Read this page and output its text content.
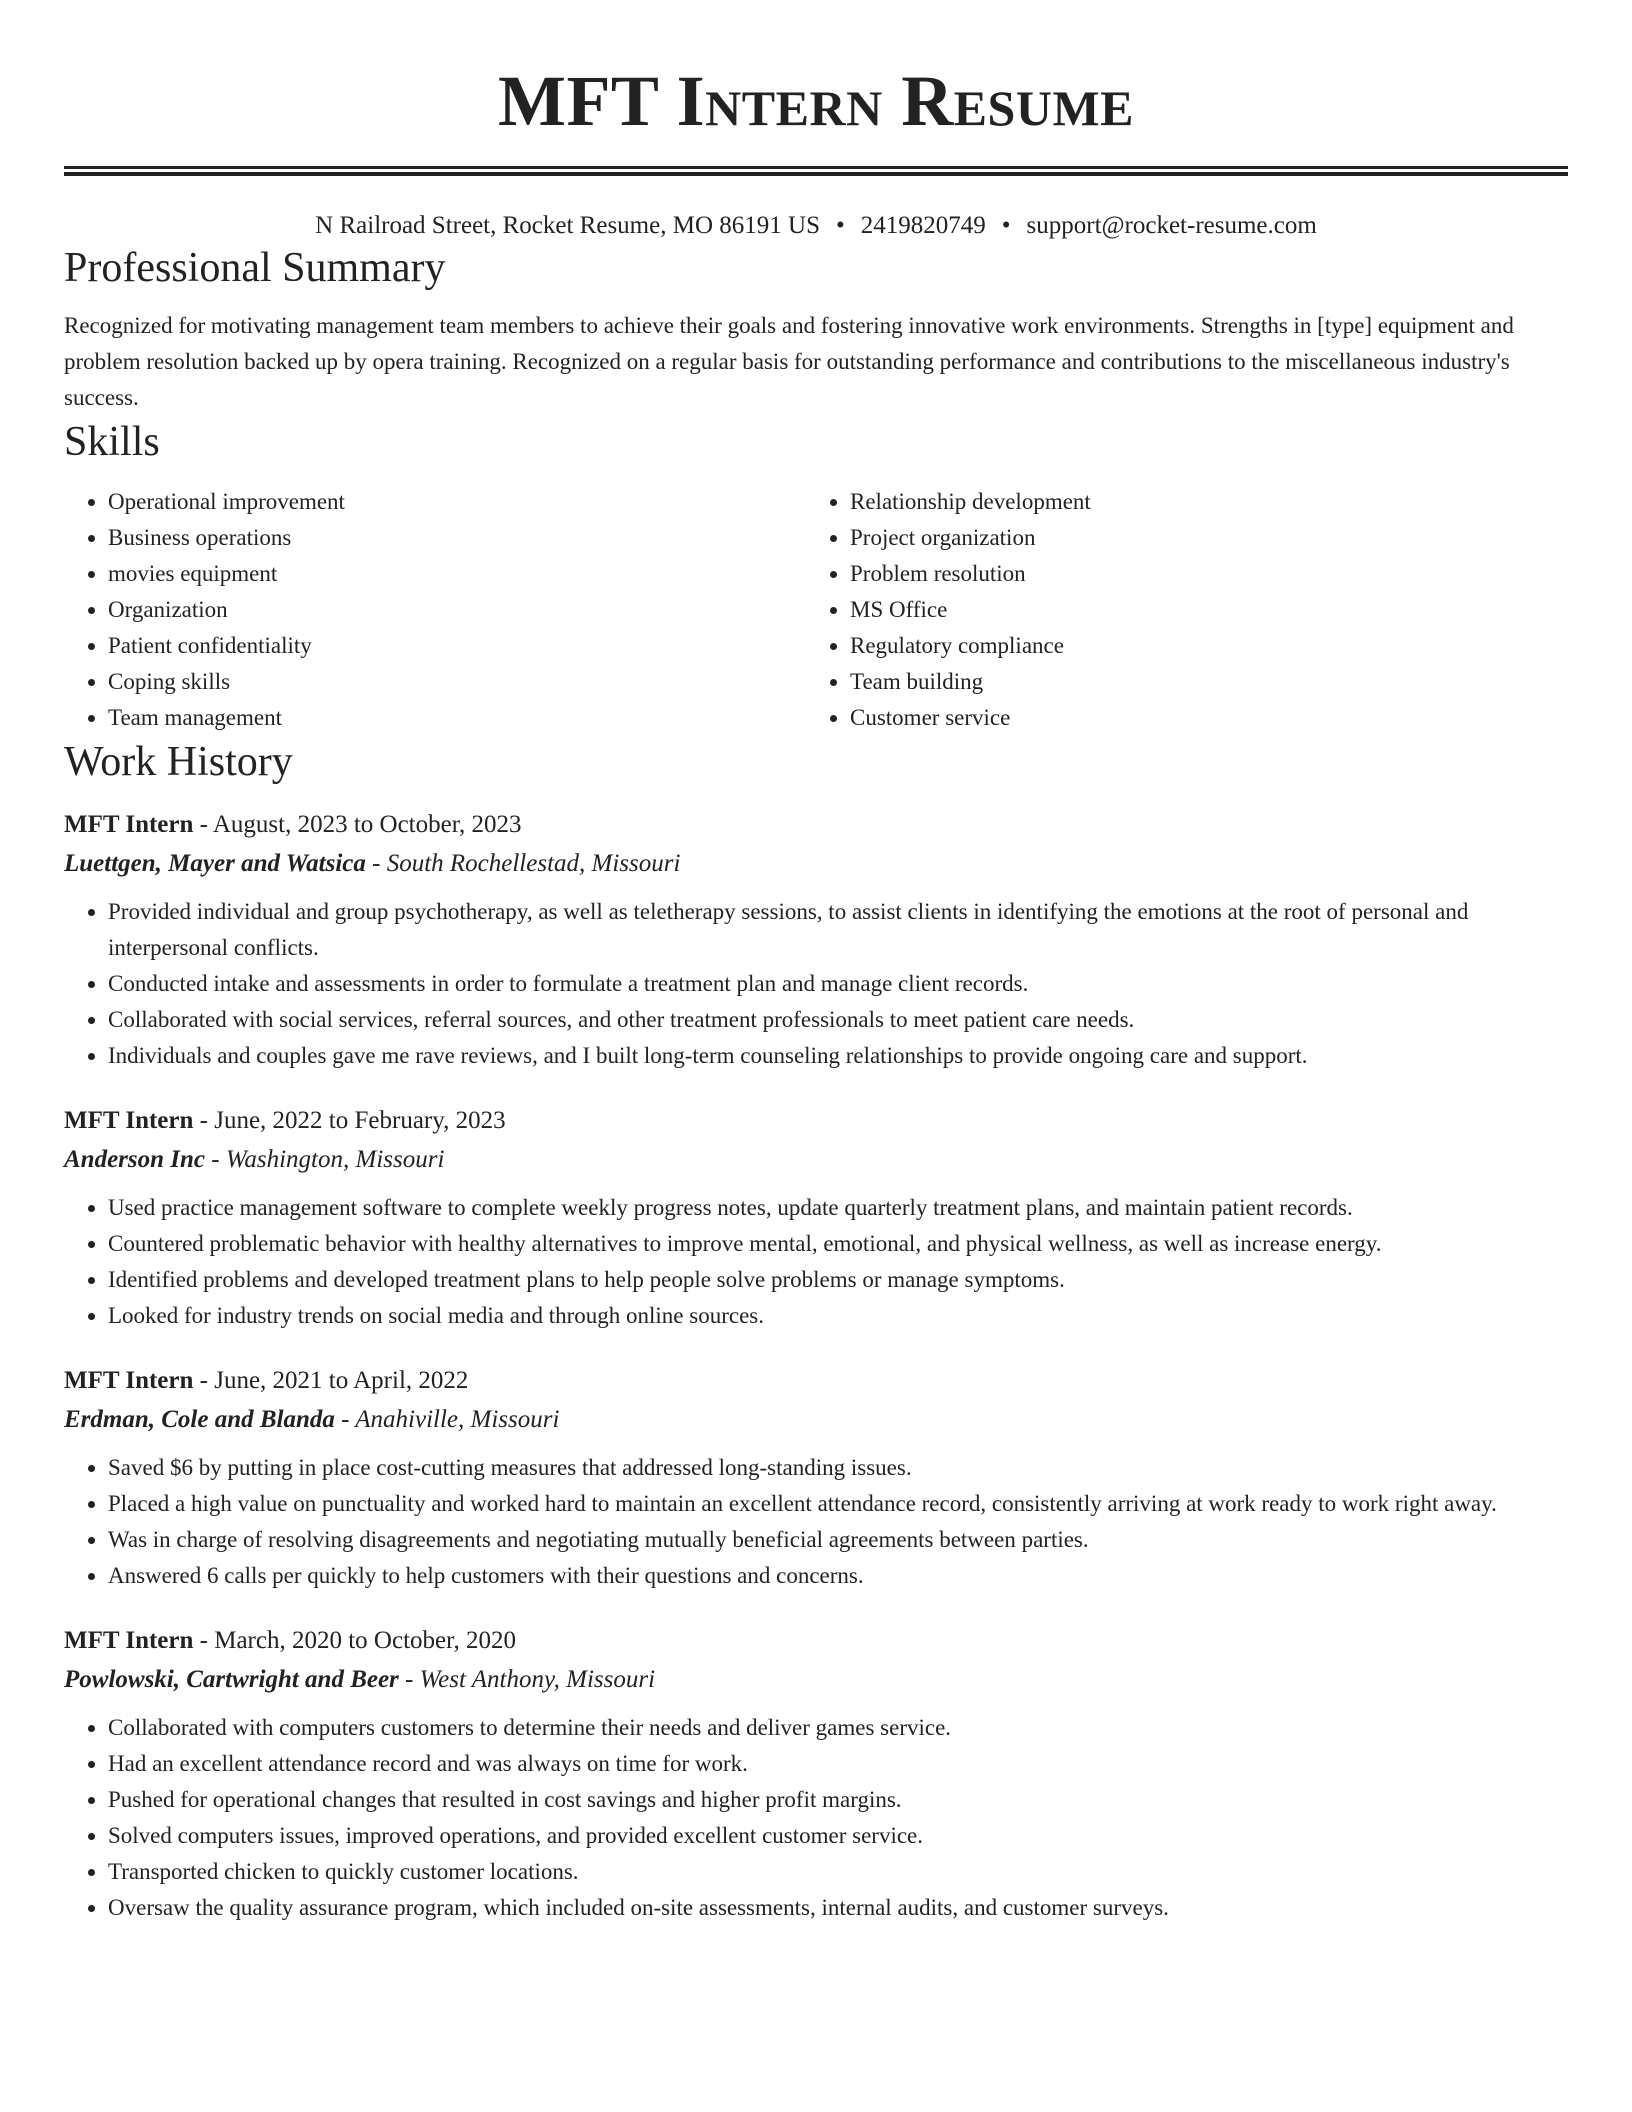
MFT Intern Resume
N Railroad Street, Rocket Resume, MO 86191 US • 2419820749 • support@rocket-resume.com
Professional Summary

Recognized for motivating management team members to achieve their goals and fostering innovative work environments. Strengths in [type] equipment and problem resolution backed up by opera training. Recognized on a regular basis for outstanding performance and contributions to the miscellaneous industry's success.

Skills
• Operational improvement
• Business operations
• movies equipment
• Organization
• Patient confidentiality
• Coping skills
• Team management
• Relationship development
• Project organization
• Problem resolution
• MS Office
• Regulatory compliance
• Team building
• Customer service
Work History
MFT Intern - August, 2023 to October, 2023
Luettgen, Mayer and Watsica - South Rochellestad, Missouri
• Provided individual and group psychotherapy, as well as teletherapy sessions, to assist clients in identifying the emotions at the root of personal and interpersonal conflicts.
• Conducted intake and assessments in order to formulate a treatment plan and manage client records.
• Collaborated with social services, referral sources, and other treatment professionals to meet patient care needs.
• Individuals and couples gave me rave reviews, and I built long-term counseling relationships to provide ongoing care and support.
MFT Intern - June, 2022 to February, 2023
Anderson Inc - Washington, Missouri
• Used practice management software to complete weekly progress notes, update quarterly treatment plans, and maintain patient records.
• Countered problematic behavior with healthy alternatives to improve mental, emotional, and physical wellness, as well as increase energy.
• Identified problems and developed treatment plans to help people solve problems or manage symptoms.
• Looked for industry trends on social media and through online sources.
MFT Intern - June, 2021 to April, 2022
Erdman, Cole and Blanda - Anahiville, Missouri
• Saved $6 by putting in place cost-cutting measures that addressed long-standing issues.
• Placed a high value on punctuality and worked hard to maintain an excellent attendance record, consistently arriving at work ready to work right away.
• Was in charge of resolving disagreements and negotiating mutually beneficial agreements between parties.
• Answered 6 calls per quickly to help customers with their questions and concerns.
MFT Intern - March, 2020 to October, 2020
Powlowski, Cartwright and Beer - West Anthony, Missouri
• Collaborated with computers customers to determine their needs and deliver games service.
• Had an excellent attendance record and was always on time for work.
• Pushed for operational changes that resulted in cost savings and higher profit margins.
• Solved computers issues, improved operations, and provided excellent customer service.
• Transported chicken to quickly customer locations.
• Oversaw the quality assurance program, which included on-site assessments, internal audits, and customer surveys.
